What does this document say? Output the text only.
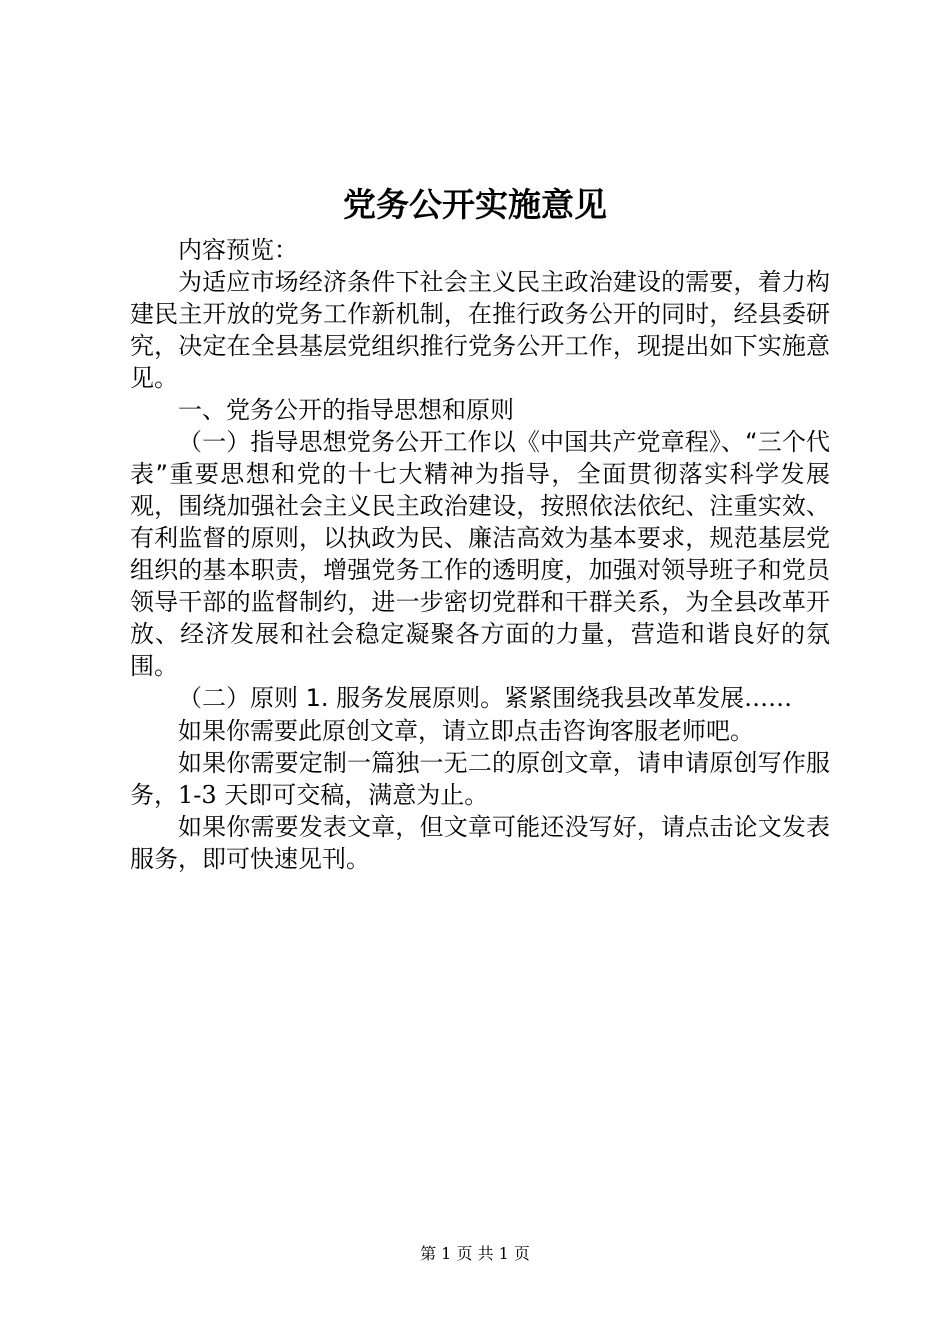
党务公开实施意见

内容预览：

为适应市场经济条件下社会主义民主政治建设的需要，着力构建民主开放的党务工作新机制，在推行政务公开的同时，经县委研究，决定在全县基层党组织推行党务公开工作，现提出如下实施意见。

一、党务公开的指导思想和原则

（一）指导思想党务公开工作以《中国共产党章程》、“三个代表”重要思想和党的十七大精神为指导，全面贯彻落实科学发展观，围绕加强社会主义民主政治建设，按照依法依纪、注重实效、有利监督的原则，以执政为民、廉洁高效为基本要求，规范基层党组织的基本职责，增强党务工作的透明度，加强对领导班子和党员领导干部的监督制约，进一步密切党群和干群关系，为全县改革开放、经济发展和社会稳定凝聚各方面的力量，营造和谐良好的氛围。

（二）原则 1. 服务发展原则。紧紧围绕我县改革发展……

如果你需要此原创文章，请立即点击咨询客服老师吧。

如果你需要定制一篇独一无二的原创文章，请申请原创写作服务，1-3 天即可交稿，满意为止。

如果你需要发表文章，但文章可能还没写好，请点击论文发表服务，即可快速见刊。

第 1 页 共 1 页
